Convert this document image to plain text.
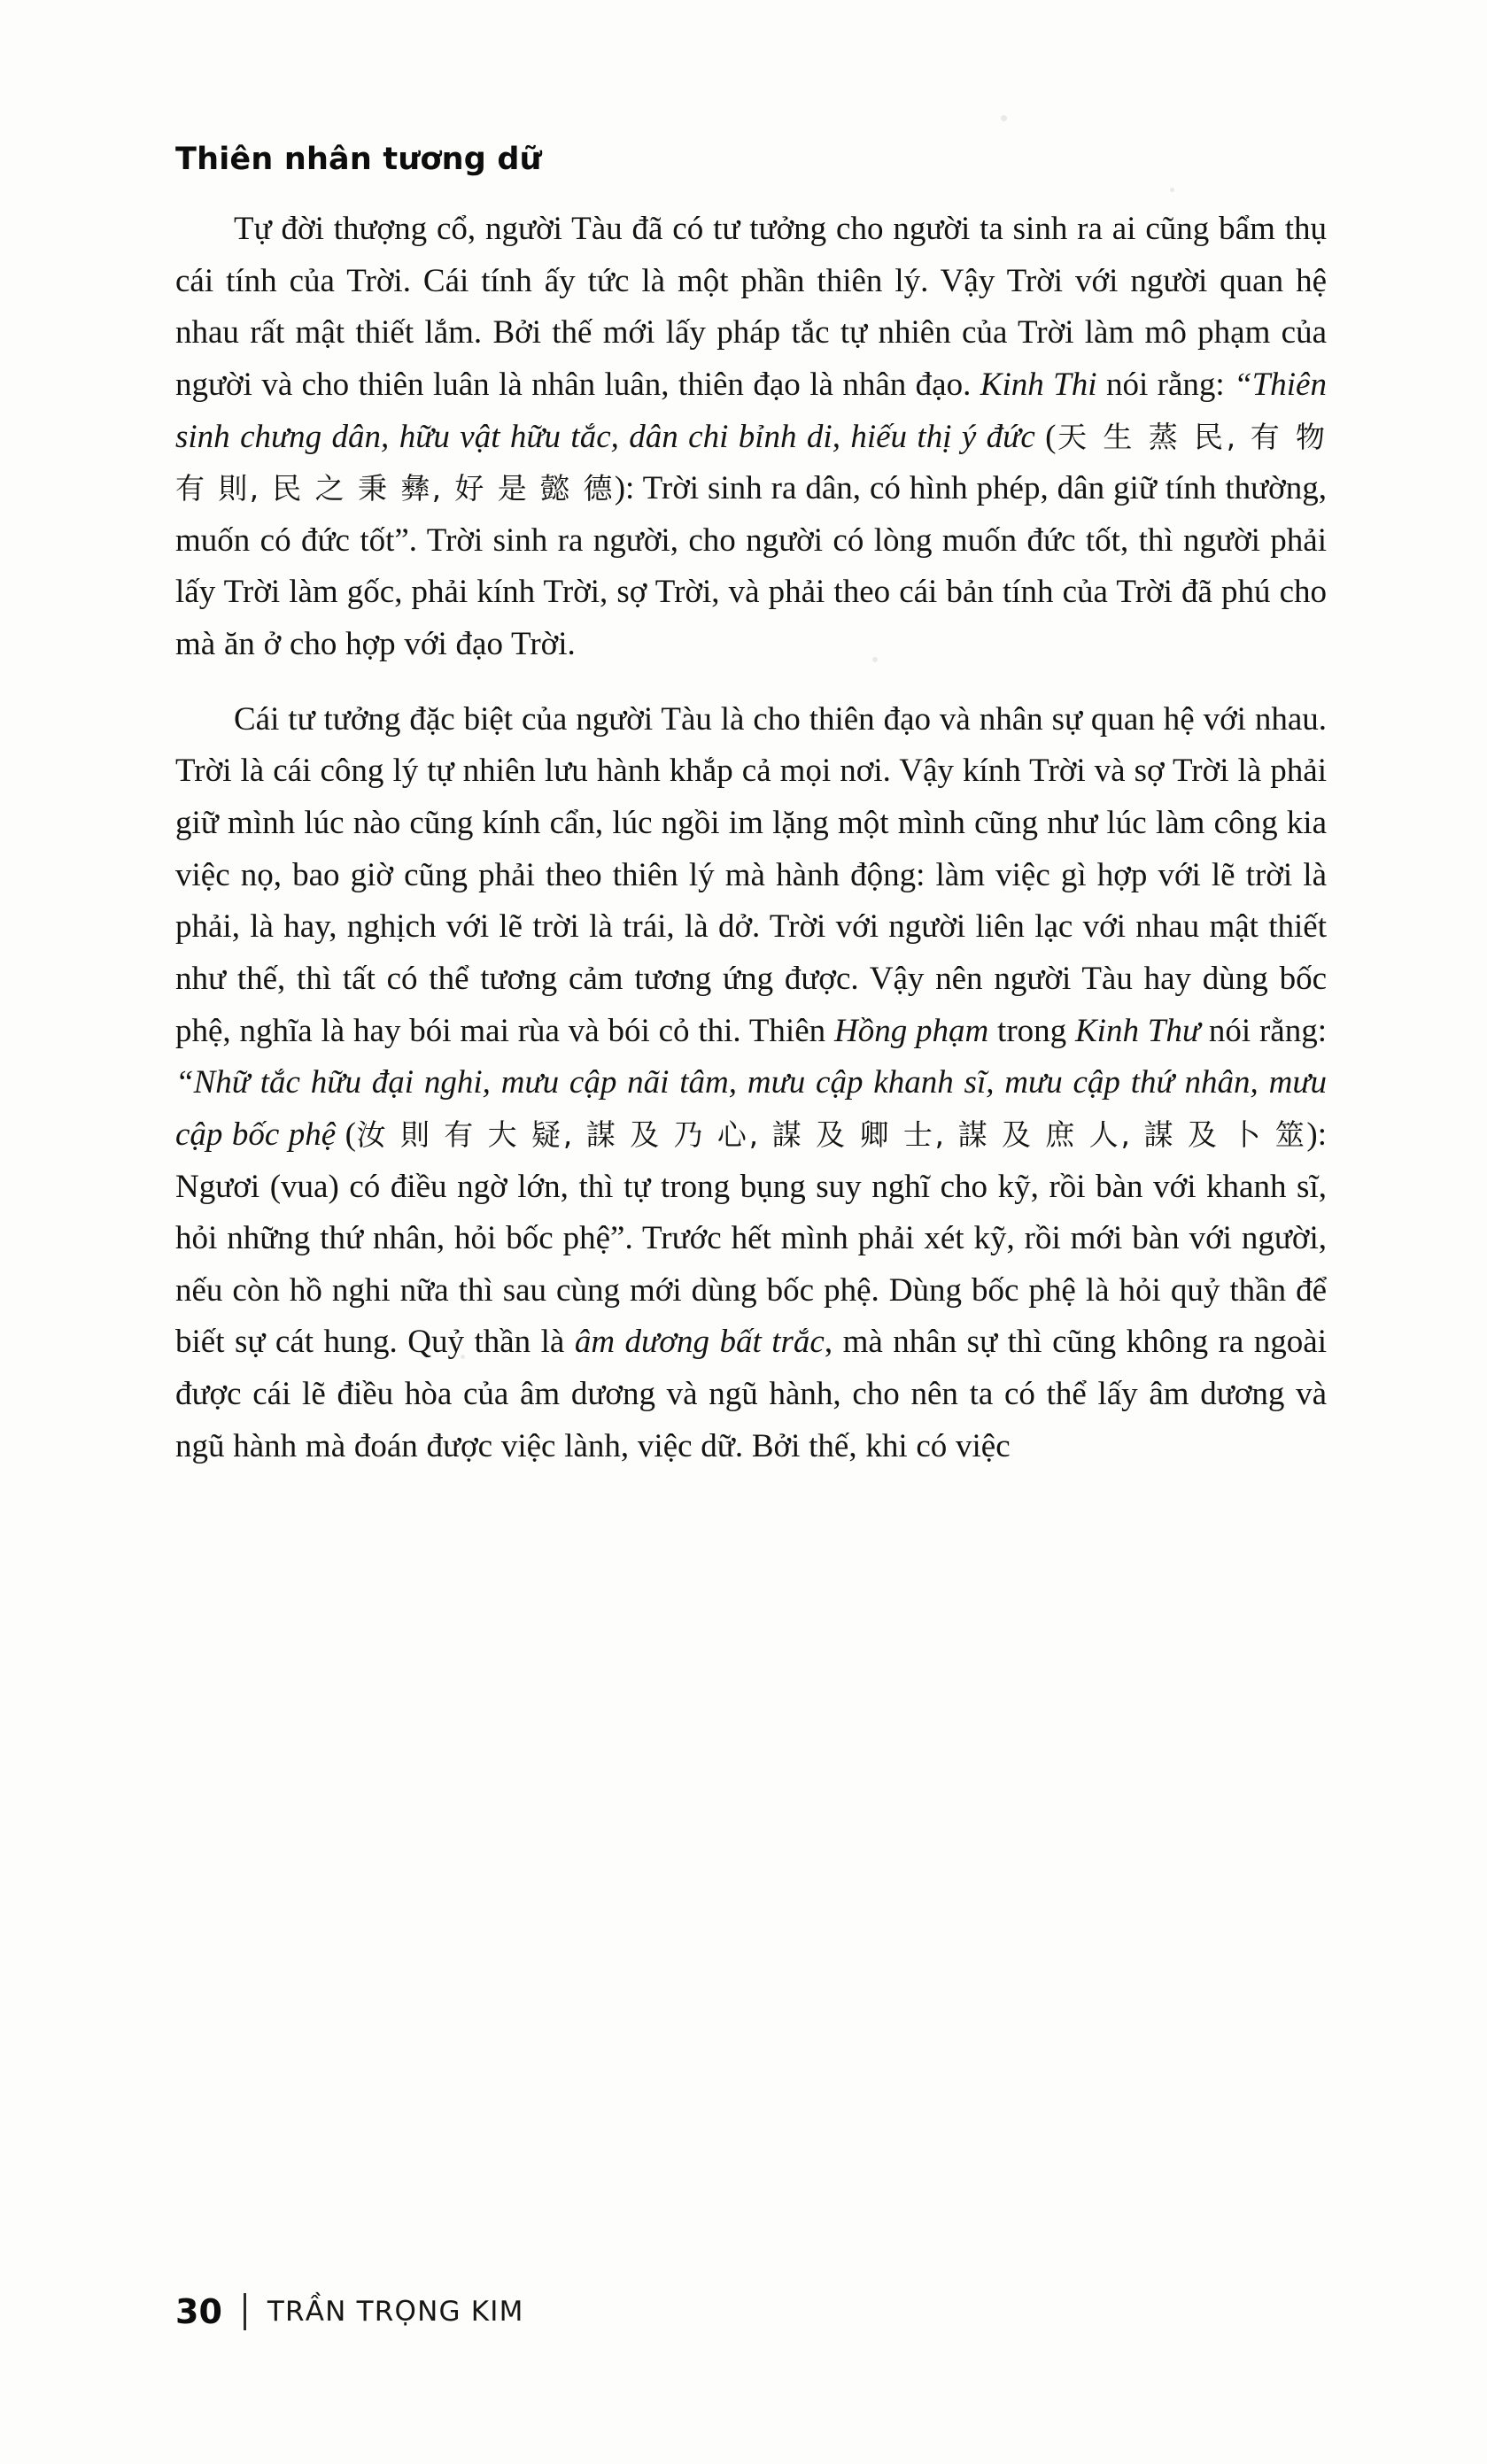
Thiên nhân tương dữ

Tự đời thượng cổ, người Tàu đã có tư tưởng cho người ta sinh ra ai cũng bẩm thụ cái tính của Trời. Cái tính ấy tức là một phần thiên lý. Vậy Trời với người quan hệ nhau rất mật thiết lắm. Bởi thế mới lấy pháp tắc tự nhiên của Trời làm mô phạm của người và cho thiên luân là nhân luân, thiên đạo là nhân đạo. Kinh Thi nói rằng: “Thiên sinh chưng dân, hữu vật hữu tắc, dân chi bỉnh di, hiếu thị ý đức (天 生 蒸 民, 有 物 有 則, 民 之 秉 彝, 好 是 懿 德): Trời sinh ra dân, có hình phép, dân giữ tính thường, muốn có đức tốt”. Trời sinh ra người, cho người có lòng muốn đức tốt, thì người phải lấy Trời làm gốc, phải kính Trời, sợ Trời, và phải theo cái bản tính của Trời đã phú cho mà ăn ở cho hợp với đạo Trời.

Cái tư tưởng đặc biệt của người Tàu là cho thiên đạo và nhân sự quan hệ với nhau. Trời là cái công lý tự nhiên lưu hành khắp cả mọi nơi. Vậy kính Trời và sợ Trời là phải giữ mình lúc nào cũng kính cẩn, lúc ngồi im lặng một mình cũng như lúc làm công kia việc nọ, bao giờ cũng phải theo thiên lý mà hành động: làm việc gì hợp với lẽ trời là phải, là hay, nghịch với lẽ trời là trái, là dở. Trời với người liên lạc với nhau mật thiết như thế, thì tất có thể tương cảm tương ứng được. Vậy nên người Tàu hay dùng bốc phệ, nghĩa là hay bói mai rùa và bói cỏ thi. Thiên Hồng phạm trong Kinh Thư nói rằng: “Nhữ tắc hữu đại nghi, mưu cập nãi tâm, mưu cập khanh sĩ, mưu cập thứ nhân, mưu cập bốc phệ (汝 則 有 大 疑, 謀 及 乃 心, 謀 及 卿 士, 謀 及 庶 人, 謀 及 卜 筮): Ngươi (vua) có điều ngờ lớn, thì tự trong bụng suy nghĩ cho kỹ, rồi bàn với khanh sĩ, hỏi những thứ nhân, hỏi bốc phệ”. Trước hết mình phải xét kỹ, rồi mới bàn với người, nếu còn hồ nghi nữa thì sau cùng mới dùng bốc phệ. Dùng bốc phệ là hỏi quỷ thần để biết sự cát hung. Quỷ thần là âm dương bất trắc, mà nhân sự thì cũng không ra ngoài được cái lẽ điều hòa của âm dương và ngũ hành, cho nên ta có thể lấy âm dương và ngũ hành mà đoán được việc lành, việc dữ. Bởi thế, khi có việc

30	TRẦN TRỌNG KIM
